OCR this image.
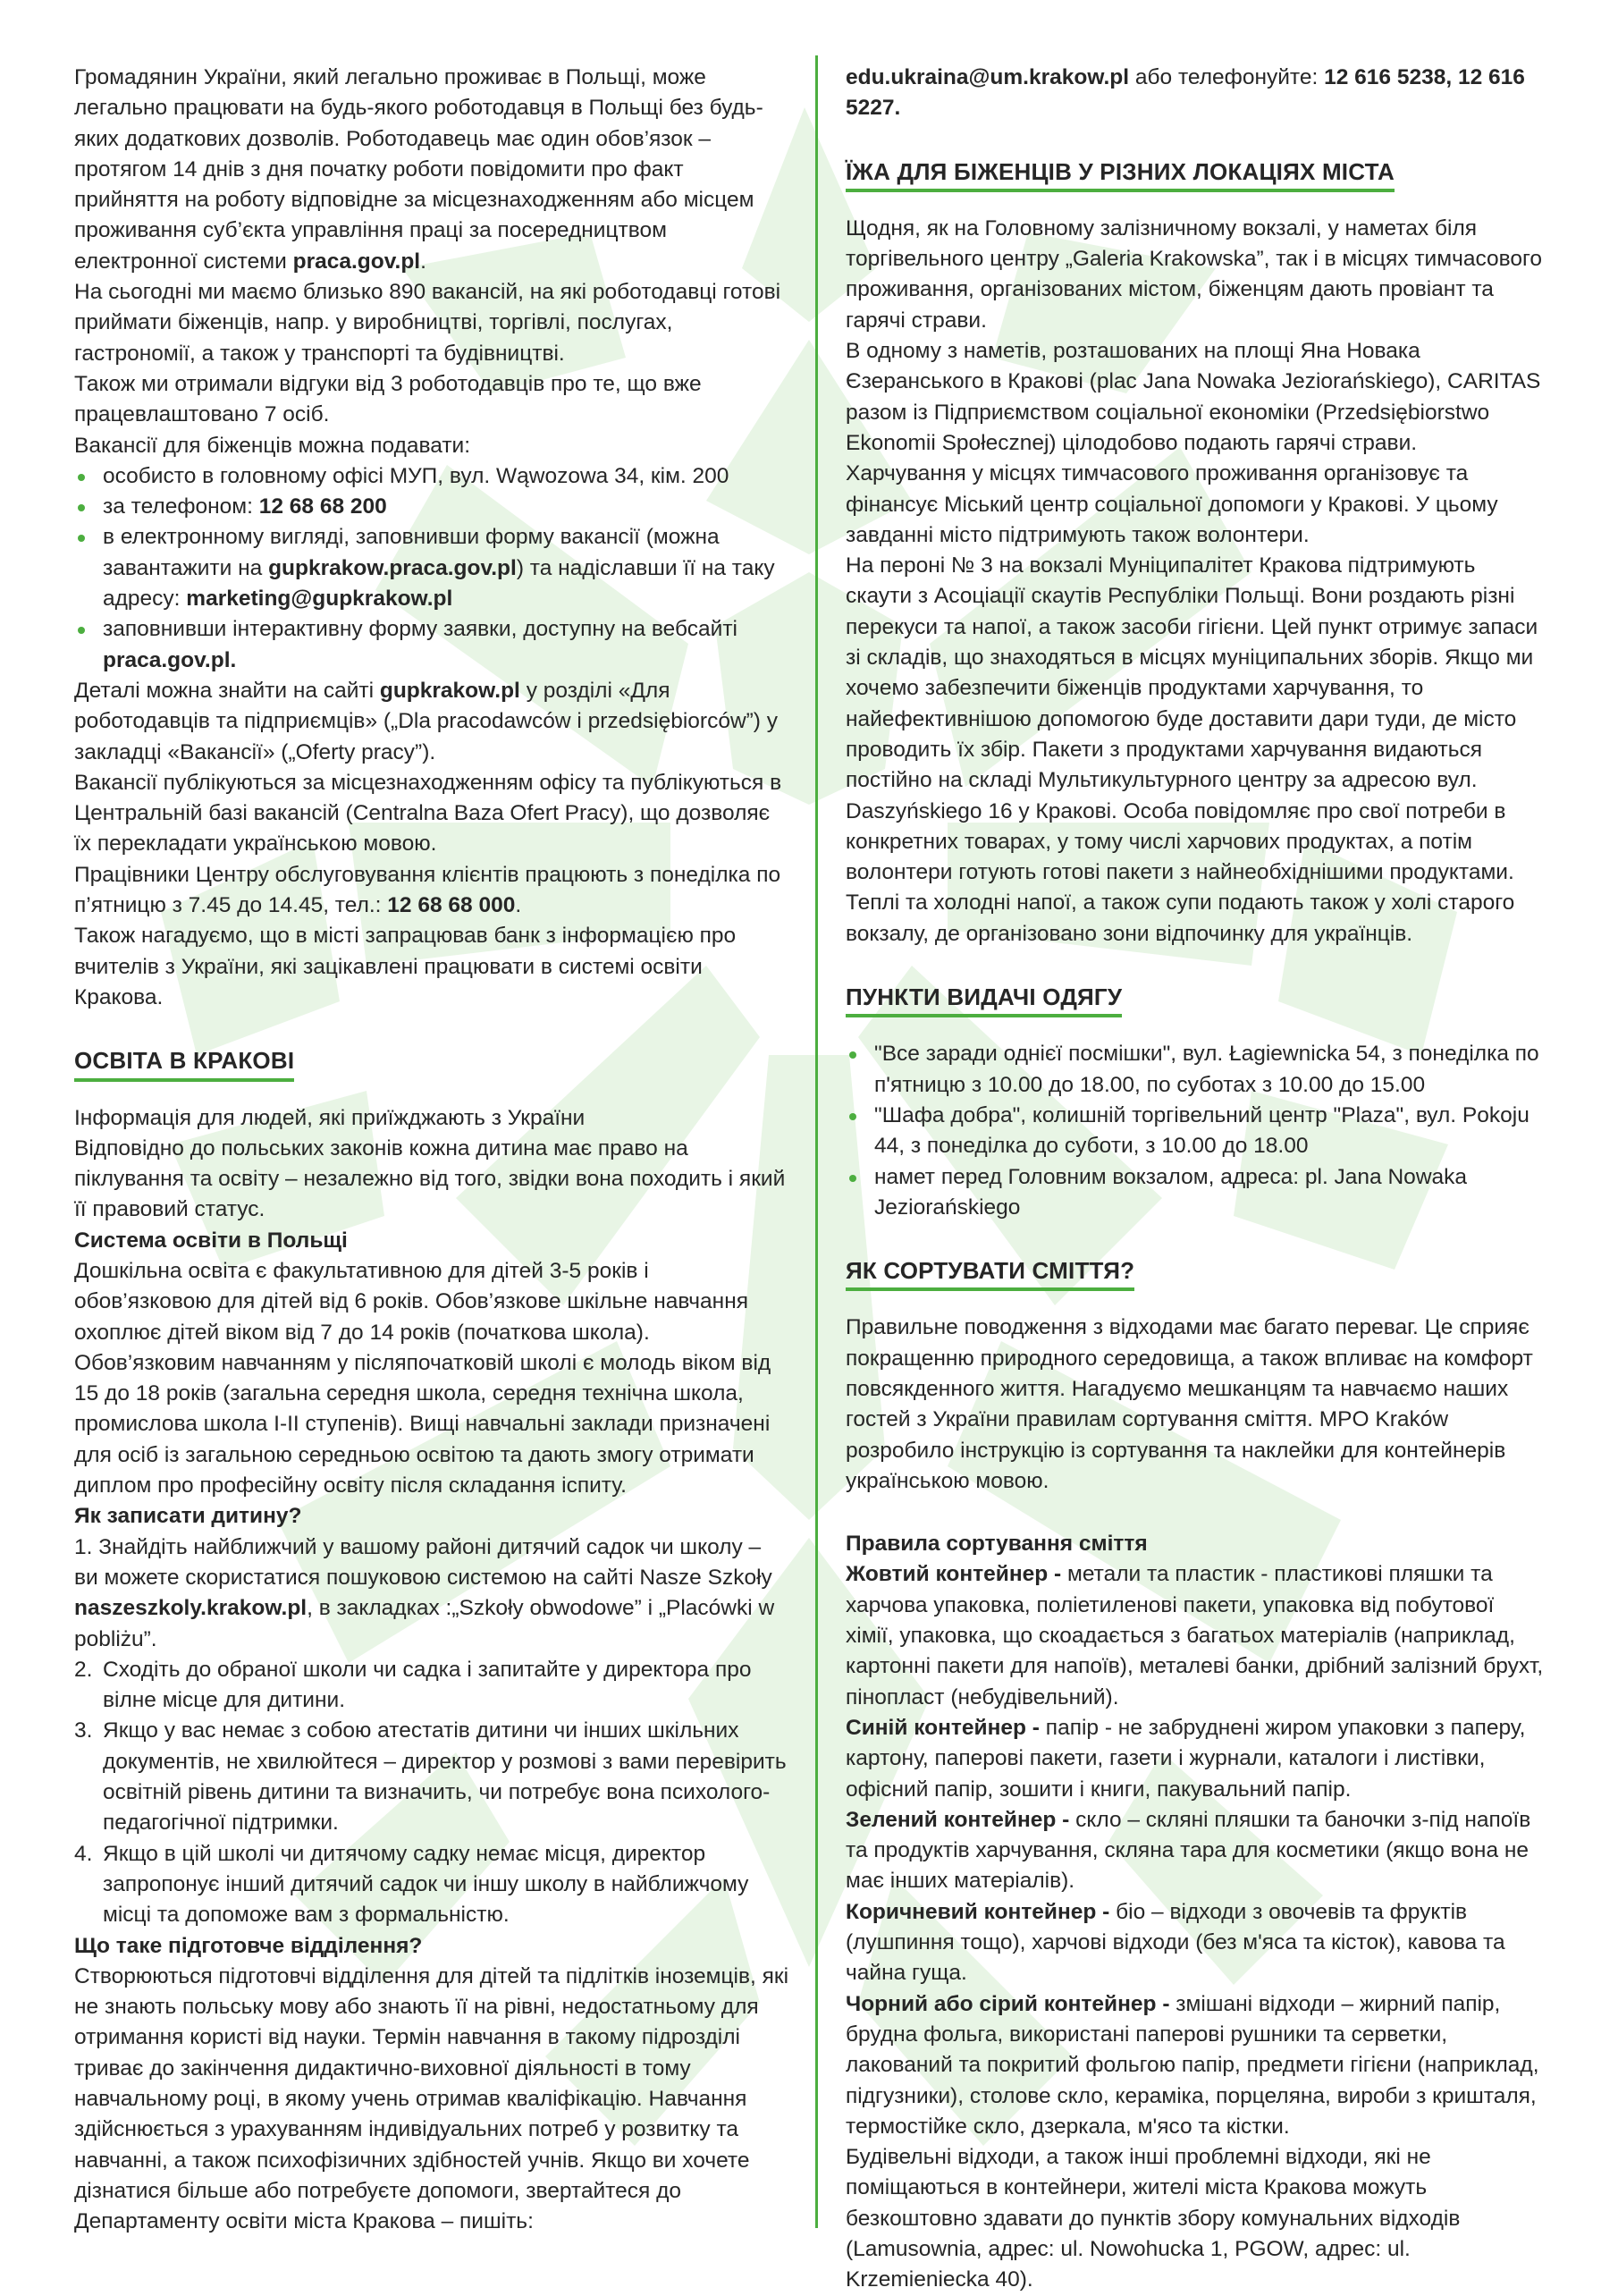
Громадянин України, який легально проживає в Польщі, може легально працювати на будь-якого роботодавця в Польщі без будь-яких додаткових дозволів. Роботодавець має один обов’язок – протягом 14 днів з дня початку роботи повідомити про факт прийняття на роботу відповідне за місцезнаходженням або місцем проживання суб’єкта управління праці за посередництвом електронної системи praca.gov.pl.

На сьогодні ми маємо близько 890 вакансій, на які роботодавці готові приймати біженців, напр. у виробництві, торгівлі, послугах, гастрономії, а також у транспорті та будівництві.

Також ми отримали відгуки від 3 роботодавців про те, що вже працевлаштовано 7 осіб.

Вакансії для біженців можна подавати:

особисто в головному офісі МУП, вул. Wąwozowa 34, кім. 200
за телефоном: 12 68 68 200
в електронному вигляді, заповнивши форму вакансії (можна завантажити на gupkrakow.praca.gov.pl) та надіславши її на таку адресу: marketing@gupkrakow.pl
заповнивши інтерактивну форму заявки, доступну на вебсайті praca.gov.pl.

Деталі можна знайти на сайті gupkrakow.pl у розділі «Для роботодавців та підприємців» („Dla pracodawców i przedsiębiorców”) у закладці «Вакансії» („Oferty pracy”).

Вакансії публікуються за місцезнаходженням офісу та публікуються в Центральній базі вакансій (Centralna Baza Ofert Pracy), що дозволяє їх перекладати українською мовою.

Працівники Центру обслуговування клієнтів працюють з понеділка по п’ятницю з 7.45 до 14.45, тел.: 12 68 68 000.

Також нагадуємо, що в місті запрацював банк з інформацією про вчителів з України, які зацікавлені працювати в системі освіти Кракова.

ОСВІТА В КРАКОВІ

Інформація для людей, які приїжджають з України

Відповідно до польських законів кожна дитина має право на піклування та освіту – незалежно від того, звідки вона походить і який її правовий статус.

Система освіти в Польщі

Дошкільна освіта є факультативною для дітей 3-5 років і обов’язковою для дітей від 6 років. Обов’язкове шкільне навчання охоплює дітей віком від 7 до 14 років (початкова школа). Обов’язковим навчанням у післяпочатковій школі є молодь віком від 15 до 18 років (загальна середня школа, середня технічна школа, промислова школа I-II ступенів). Вищі навчальні заклади призначені для осіб із загальною середньою освітою та дають змогу отримати диплом про професійну освіту після складання іспиту.

Як записати дитину?

1. Знайдіть найближчий у вашому районі дитячий садок чи школу – ви можете скористатися пошуковою системою на сайті Nasze Szkoły naszeszkoly.krakow.pl, в закладках :„Szkoły obwodowe” і „Placówki w pobliżu”.

2. Сходіть до обраної школи чи садка і запитайте у директора про вілне місце для дитини.
3. Якщо у вас немає з собою атестатів дитини чи інших шкільних документів, не хвилюйтеся – директор у розмові з вами перевірить освітній рівень дитини та визначить, чи потребує вона психолого-педагогічної підтримки.
4. Якщо в цій школі чи дитячому садку немає місця, директор запропонує інший дитячий садок чи іншу школу в найближчому місці та допоможе вам з формальністю.

Що таке підготовче відділення?

Створюються підготовчі відділення для дітей та підлітків іноземців, які не знають польську мову або знають її на рівні, недостатньому для отримання користі від науки. Термін навчання в такому підрозділі триває до закінчення дидактично-виховної діяльності в тому навчальному році, в якому учень отримав кваліфікацію. Навчання здійснюється з урахуванням індивідуальних потреб у розвитку та навчанні, а також психофізичних здібностей учнів. Якщо ви хочете дізнатися більше або потребуєте допомоги, звертайтеся до Департаменту освіти міста Кракова – пишіть:

edu.ukraina@um.krakow.pl або телефонуйте: 12 616 5238, 12 616 5227.

ЇЖА ДЛЯ БІЖЕНЦІВ У РІЗНИХ ЛОКАЦІЯХ МІСТА

Щодня, як на Головному залізничному вокзалі, у наметах біля торгівельного центру „Galeria Krakowska”, так і в місцях тимчасового проживання, організованих містом, біженцям дають провіант та гарячі страви.

В одному з наметів, розташованих на площі Яна Новака Єзеранського в Кракові (plac Jana Nowaka Jeziorańskiego), CARITAS разом із Підприємством соціальної економіки (Przedsiębiorstwo Ekonomii Społecznej) цілодобово подають гарячі страви.

Харчування у місцях тимчасового проживання організовує та фінансує Міський центр соціальної допомоги у Кракові. У цьому завданні місто підтримують також волонтери.

На пероні № 3 на вокзалі Муніципалітет Кракова підтримують скаути з Асоціації скаутів Республіки Польщі. Вони роздають різні перекуси та напої, а також засоби гігієни. Цей пункт отримує запаси зі складів, що знаходяться в місцях муніципальних зборів. Якщо ми хочемо забезпечити біженців продуктами харчування, то найефективнішою допомогою буде доставити дари туди, де місто проводить їх збір. Пакети з продуктами харчування видаються постійно на складі Мультикультурного центру за адресою вул. Daszyńskiego 16 у Кракові. Особа повідомляє про свої потреби в конкретних товарах, у тому числі харчових продуктах, а потім волонтери готують готові пакети з найнеобхіднішими продуктами.

Теплі та холодні напої, а також супи подають також у холі старого вокзалу, де організовано зони відпочинку для українців.

ПУНКТИ ВИДАЧІ ОДЯГУ
"Все заради однієї посмішки", вул. Łagiewnicka 54, з понеділка по п'ятницю з 10.00 до 18.00, по суботах з 10.00 до 15.00
"Шафа добра", колишній торгівельний центр "Plaza", вул. Pokoju 44, з понеділка до суботи, з 10.00 до 18.00
намет перед Головним вокзалом, адреса: pl. Jana Nowaka Jeziorańskiego
ЯК СОРТУВАТИ СМІТТЯ?

Правильне поводження з відходами має багато переваг. Це сприяє покращенню природного середовища, а також впливає на комфорт повсякденного життя. Нагадуємо мешканцям та навчаємо наших гостей з України правилам сортування сміття. MPO Kraków розробило інструкцію із сортування та наклейки для контейнерів українською мовою.

Правила сортування сміття

Жовтий контейнер - метали та пластик - пластикові пляшки та харчова упаковка, поліетиленові пакети, упаковка від побутової хімії, упаковка, що скоадається з багатьох матеріалів (наприклад, картонні пакети для напоїв), металеві банки, дрібний залізний брухт, пінопласт (небудівельний).

Синій контейнер - папір - не забруднені жиром упаковки з паперу, картону, паперові пакети, газети і журнали, каталоги і листівки, офісний папір, зошити і книги, пакувальний папір.

Зелений контейнер - скло – скляні пляшки та баночки з-під напоїв та продуктів харчування, скляна тара для косметики (якщо вона не має інших матеріалів).

Коричневий контейнер - біо – відходи з овочевів та фруктів (лушпиння тощо), харчові відходи (без м'яса та кісток), кавова та чайна гуща.

Чорний або сірий контейнер - змішані відходи – жирний папір, брудна фольга, використані паперові рушники та серветки, лакований та покритий фольгою папір, предмети гігієни (наприклад, підгузники), столове скло, кераміка, порцеляна, вироби з кришталя, термостійке скло, дзеркала, м'ясо та кістки.

Будівельні відходи, а також інші проблемні відходи, які не поміщаються в контейнери, жителі міста Кракова можуть безкоштовно здавати до пунктів збору комунальних відходів (Lamusownia, адрес: ul. Nowohucka 1, PGOW, адрес: ul. Krzemieniecka 40).
